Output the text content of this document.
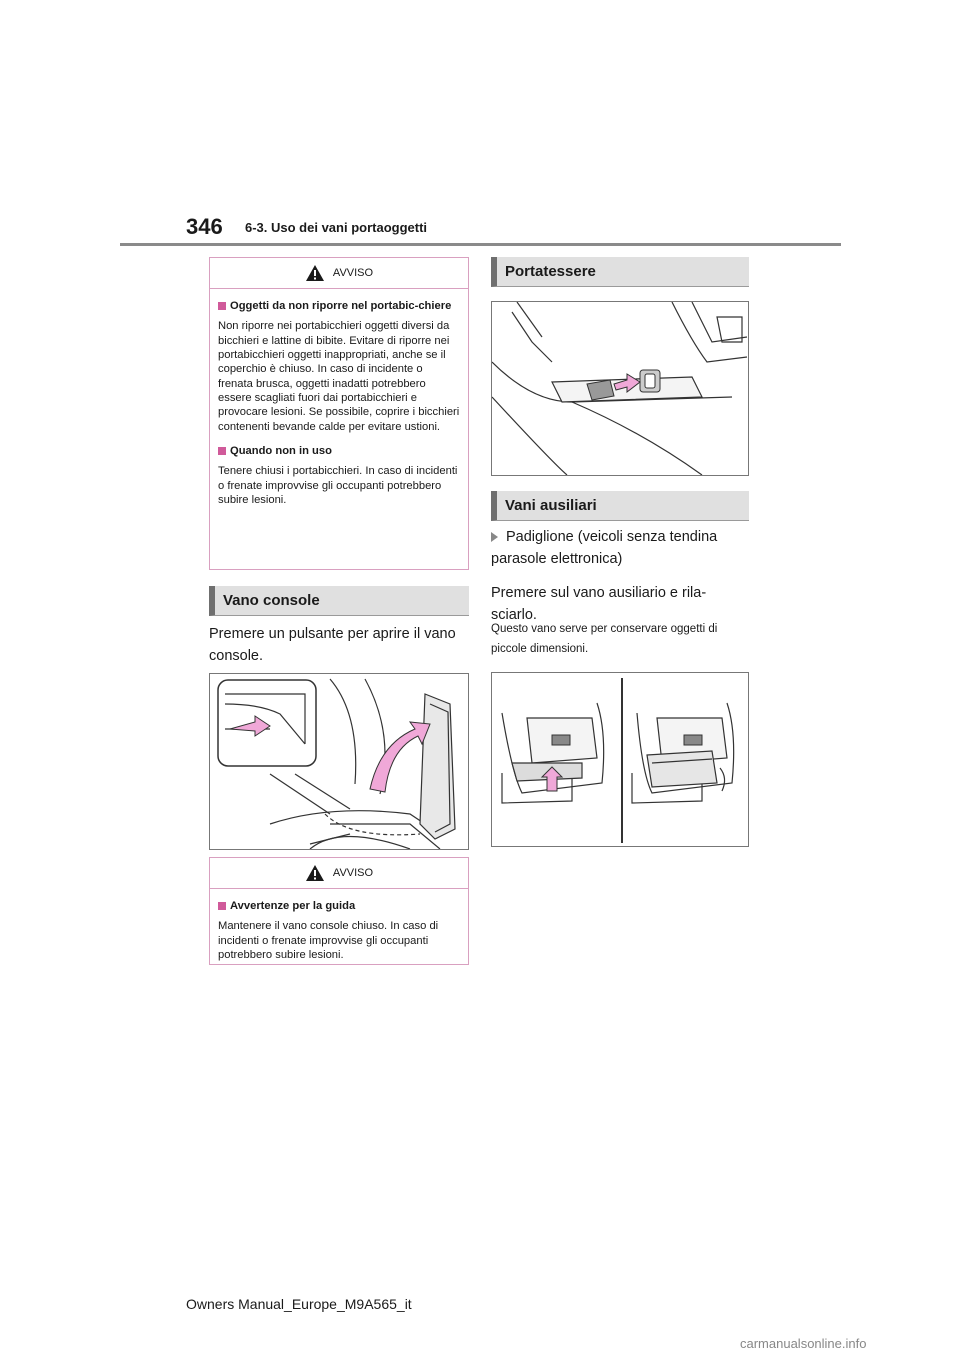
346 6-3. Uso dei vani portaoggetti
AVVISO
Oggetti da non riporre nel portabic-chiere

Non riporre nei portabicchieri oggetti diversi da bicchieri e lattine di bibite. Evitare di riporre nei portabicchieri oggetti inappropriati, anche se il coperchio è chiuso. In caso di incidente o frenata brusca, oggetti inadatti potrebbero essere scagliati fuori dai portabicchieri e provocare lesioni. Se possibile, coprire i bicchieri contenenti bevande calde per evitare ustioni.

Quando non in uso

Tenere chiusi i portabicchieri. In caso di incidenti o frenate improvvise gli occupanti potrebbero subire lesioni.

Vano console
Premere un pulsante per aprire il vano console.
AVVISO
Avvertenze per la guida

Mantenere il vano console chiuso. In caso di incidenti o frenate improvvise gli occupanti potrebbero subire lesioni.

Portatessere
Vani ausiliari
Padiglione (veicoli senza tendina parasole elettronica)
Premere sul vano ausiliario e rila-sciarlo.
Questo vano serve per conservare oggetti di piccole dimensioni.
Owners Manual_Europe_M9A565_it
carmanualsonline.info
